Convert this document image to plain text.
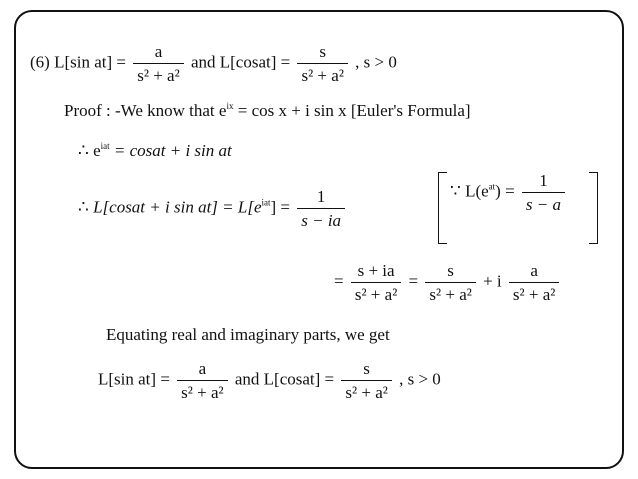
(6) L[sin $at] = \frac{a}{\text{s² + a²}}$ and L[cosat] = $\frac{s}{\text{s² + a²}}$ , s > 0
Proof : -We know that $e^{ix} = \cos x + i$ sin x [Euler's Formula]
∴ $e^{iat}$ = cosat + i sin at
∴ L[cosat + i $\sin at] = L[e^{iat}] = \frac{1}{s - ia}$	∵ $L(e^{at}) = \frac{1}{s - a}$
= $\frac{s + ia}{\text{s² + a²}} = \frac{s}{\text{s² + a²}} + i \frac{a}{\text{s² + a²}}$
Equating real and imaginary parts, we get
L[sin $at] = \frac{a}{\text{s² + a²}}$ and L[cosat] = $\frac{s}{\text{s² + a²}}$ , s > 0
